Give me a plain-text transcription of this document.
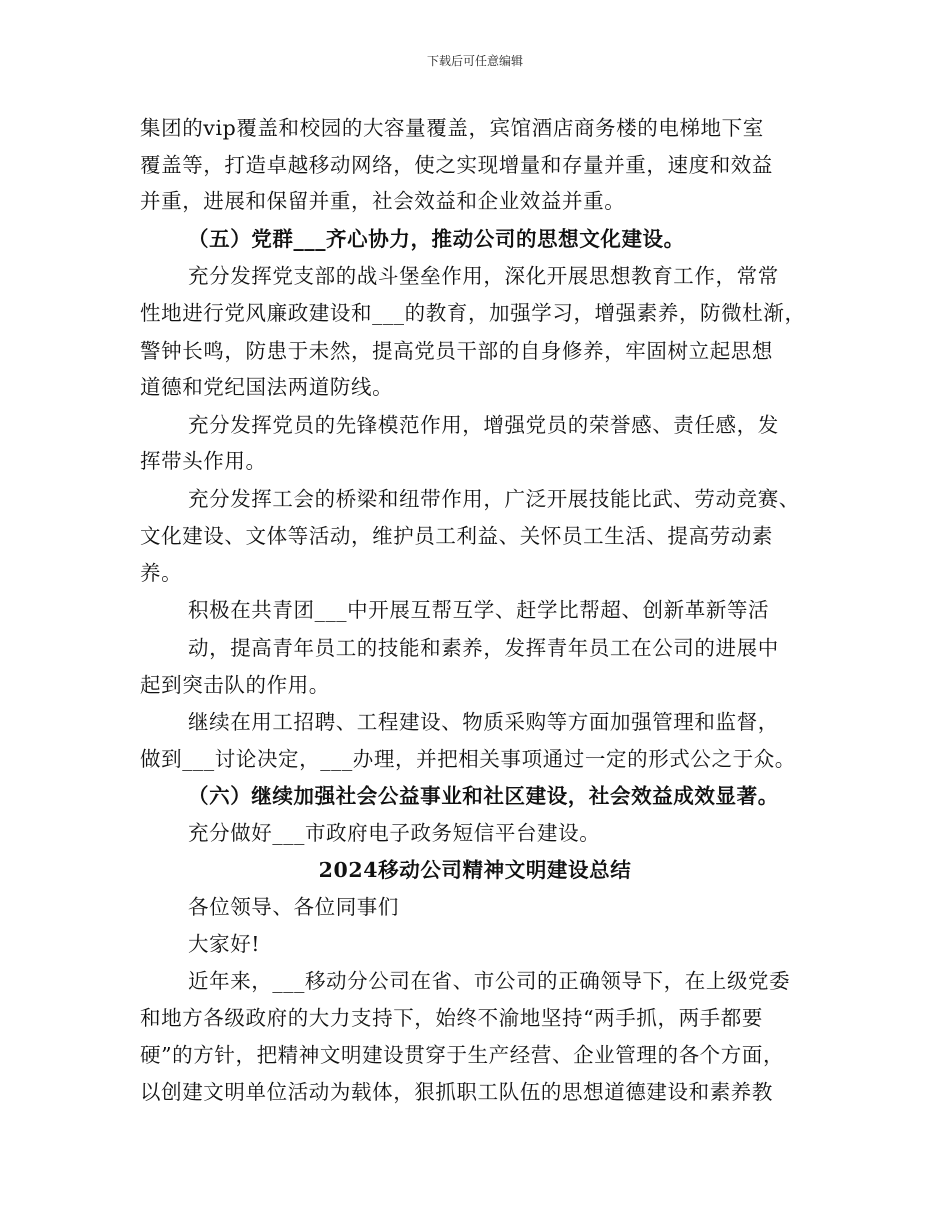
下载后可任意编辑
集团的vip覆盖和校园的大容量覆盖，宾馆酒店商务楼的电梯地下室
覆盖等，打造卓越移动网络，使之实现增量和存量并重，速度和效益
并重，进展和保留并重，社会效益和企业效益并重。
（五）党群___齐心协力，推动公司的思想文化建设。
充分发挥党支部的战斗堡垒作用，深化开展思想教育工作，常常
性地进行党风廉政建设和___的教育，加强学习，增强素养，防微杜渐，
警钟长鸣，防患于未然，提高党员干部的自身修养，牢固树立起思想
道德和党纪国法两道防线。
充分发挥党员的先锋模范作用，增强党员的荣誉感、责任感，发
挥带头作用。
充分发挥工会的桥梁和纽带作用，广泛开展技能比武、劳动竞赛、
文化建设、文体等活动，维护员工利益、关怀员工生活、提高劳动素
养。
积极在共青团___中开展互帮互学、赶学比帮超、创新革新等活
动，提高青年员工的技能和素养，发挥青年员工在公司的进展中
起到突击队的作用。
继续在用工招聘、工程建设、物质采购等方面加强管理和监督，
做到___讨论决定，___办理，并把相关事项通过一定的形式公之于众。
（六）继续加强社会公益事业和社区建设，社会效益成效显著。
充分做好___市政府电子政务短信平台建设。
2024移动公司精神文明建设总结
各位领导、各位同事们
大家好!
近年来，___移动分公司在省、市公司的正确领导下，在上级党委
和地方各级政府的大力支持下，始终不渝地坚持“两手抓，两手都要
硬”的方针，把精神文明建设贯穿于生产经营、企业管理的各个方面，
以创建文明单位活动为载体，狠抓职工队伍的思想道德建设和素养教
